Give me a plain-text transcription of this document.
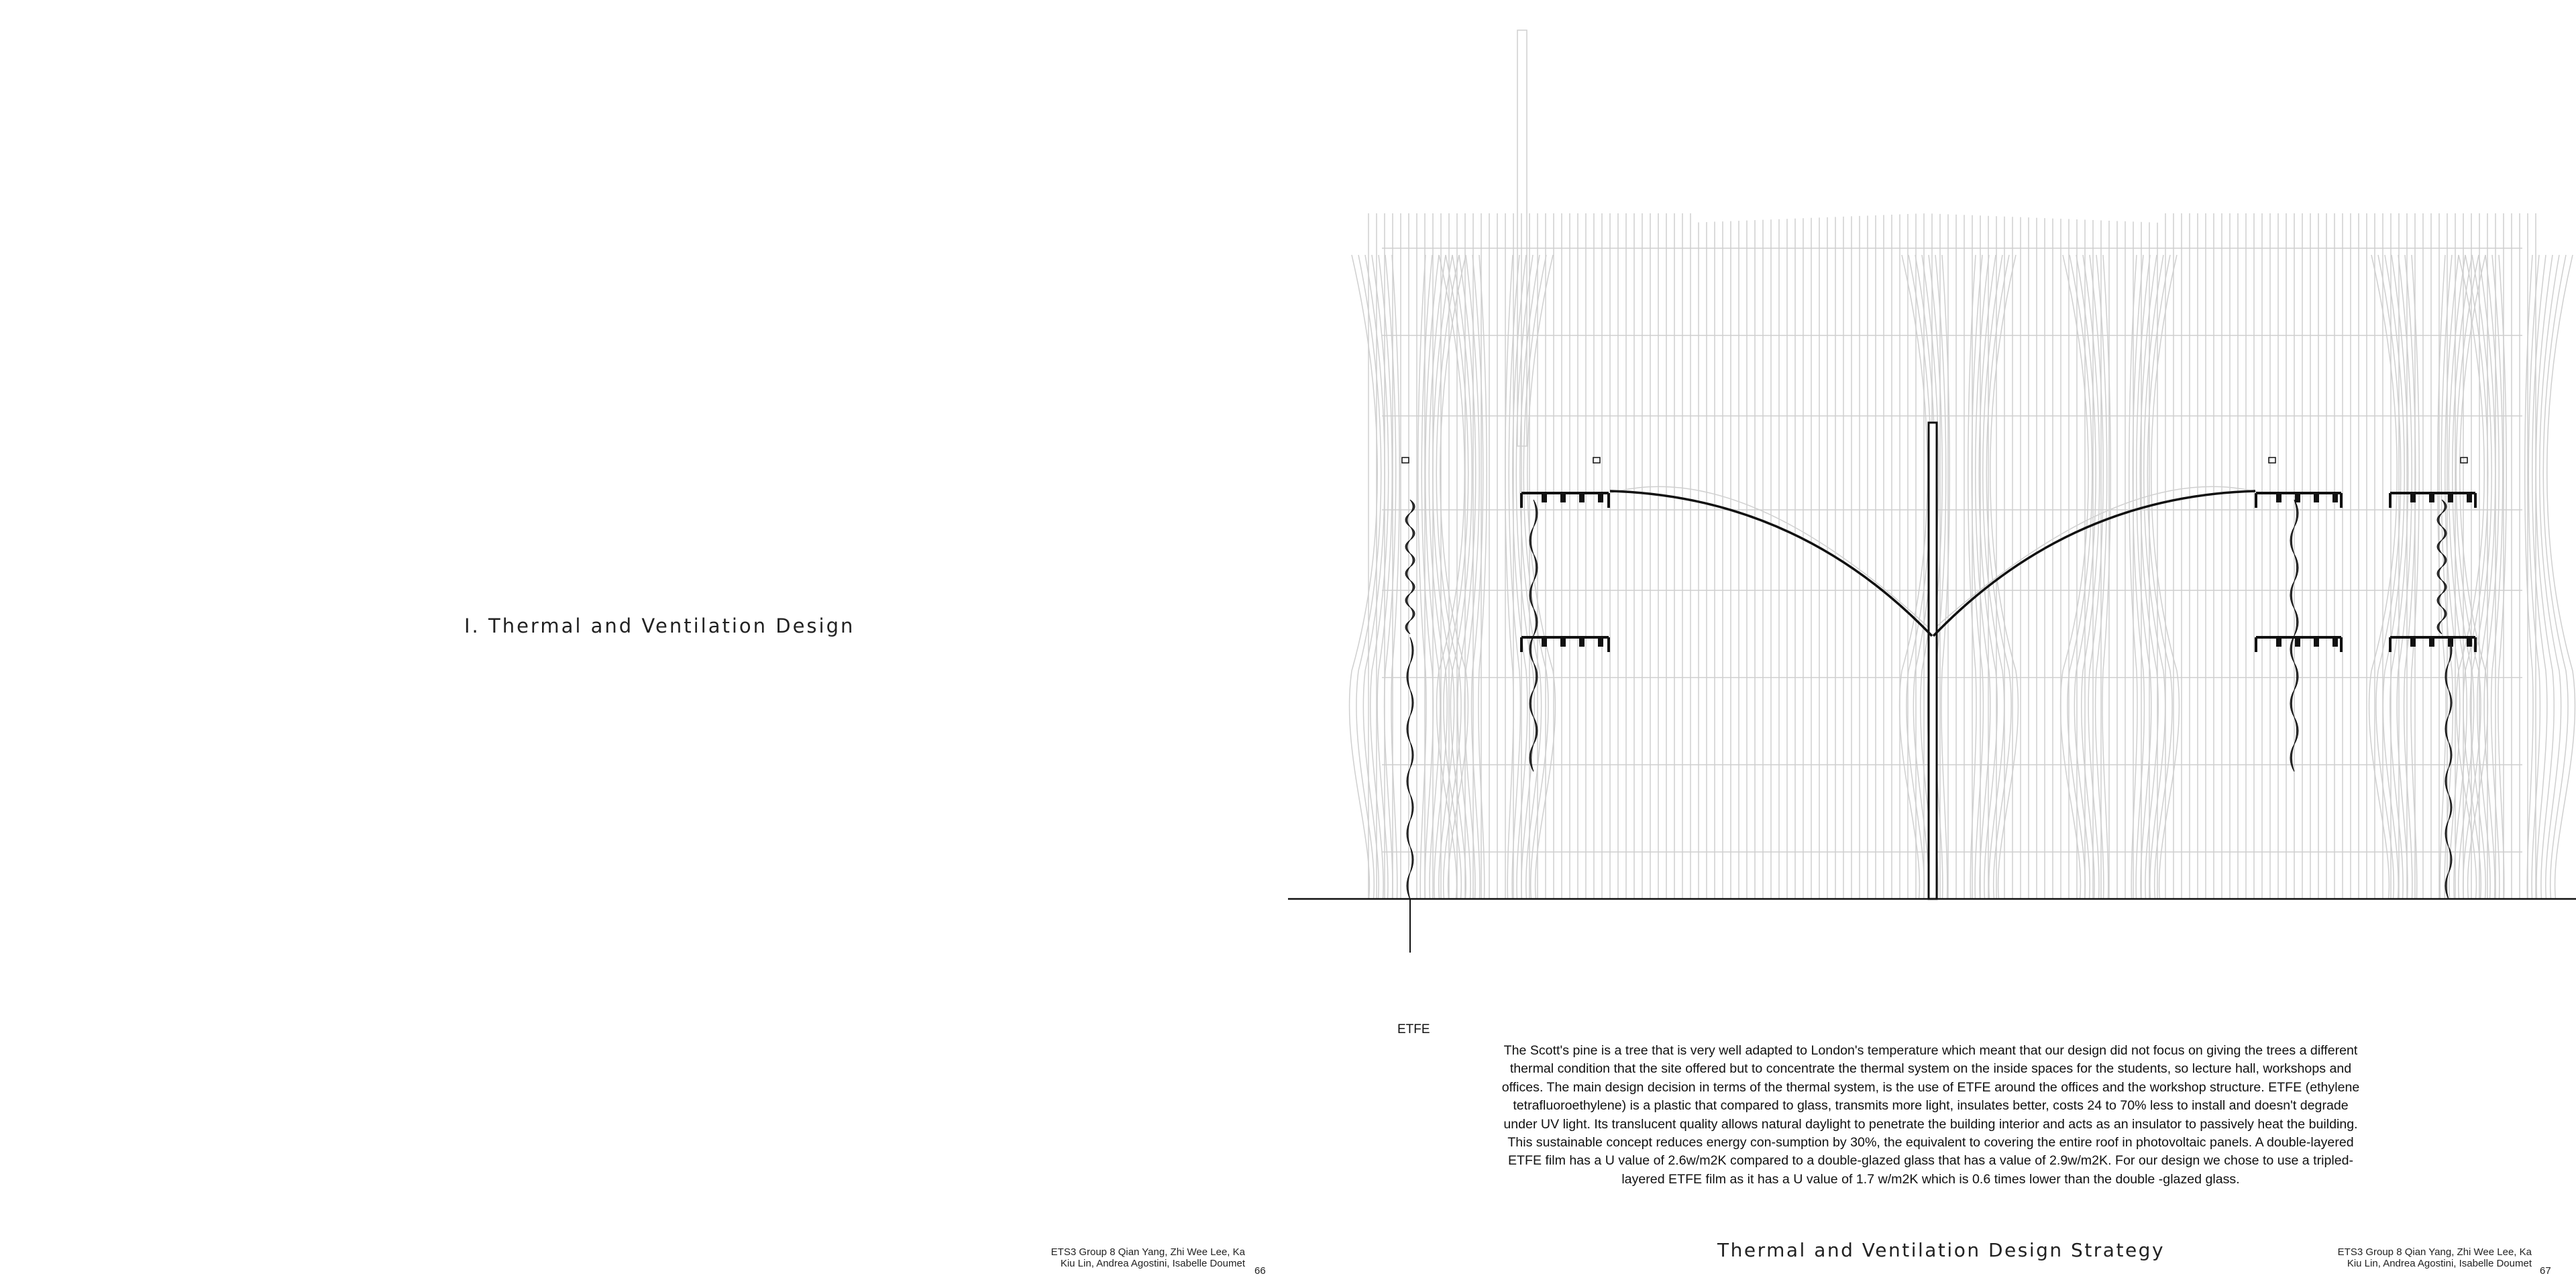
I. Thermal and Ventilation Design
ETS3 Group 8 Qian Yang, Zhi Wee Lee, Ka
Kiu Lin, Andrea Agostini, Isabelle Doumet
66
ETFE
The Scott's pine is a tree that is very well adapted to London's temperature which meant that our design did not focus on giving the trees a different thermal condition that the site offered but to concentrate the thermal system on the inside spaces for the students, so lecture hall, workshops and offices. The main design decision in terms of the thermal system, is the use of ETFE around the offices and the workshop structure. ETFE (ethylene tetrafluoroethylene) is a plastic that compared to glass, transmits more light, insulates better, costs 24 to 70% less to install and doesn't degrade under UV light. Its translucent quality allows natural daylight to penetrate the building interior and acts as an insulator to passively heat the building. This sustainable concept reduces energy con-sumption by 30%, the equivalent to covering the entire roof in photovoltaic panels. A double-layered ETFE film has a U value of 2.6w/m2K compared to a double-glazed glass that has a value of 2.9w/m2K. For our design we chose to use a tripled-layered ETFE film as it has a U value of 1.7 w/m2K which is 0.6 times lower than the double -glazed glass.
Thermal and Ventilation Design Strategy	ETS3 Group 8 Qian Yang, Zhi Wee Lee, Ka
Kiu Lin, Andrea Agostini, Isabelle Doumet
67
